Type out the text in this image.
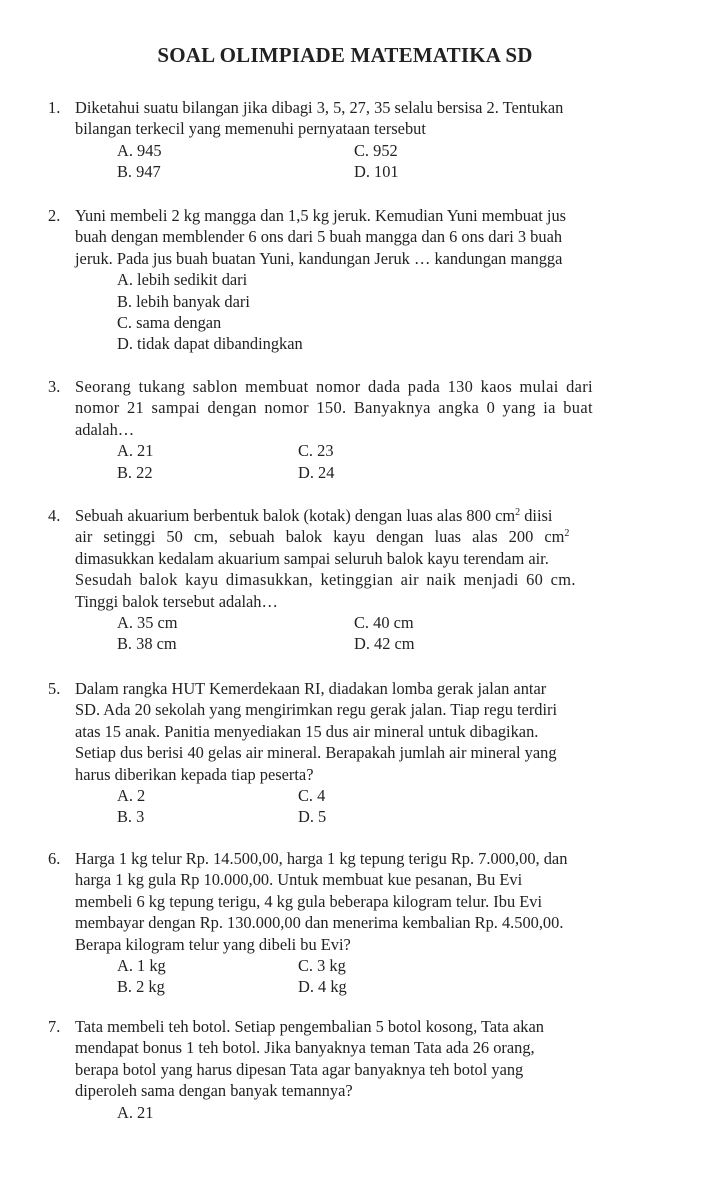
SOAL OLIMPIADE MATEMATIKA SD
1. Diketahui suatu bilangan jika dibagi 3, 5, 27, 35 selalu bersisa 2. Tentukan
bilangan terkecil yang memenuhi pernyataan tersebut
A. 945	C. 952
B. 947	D. 101
2. Yuni membeli 2 kg mangga dan 1,5 kg jeruk. Kemudian Yuni membuat jus
buah dengan memblender 6 ons dari 5 buah mangga dan 6 ons dari 3 buah
jeruk. Pada jus buah buatan Yuni, kandungan Jeruk … kandungan mangga
A. lebih sedikit dari
B. lebih banyak dari
C. sama dengan
D. tidak dapat dibandingkan
3. Seorang tukang sablon membuat nomor dada pada 130 kaos mulai dari
nomor 21 sampai dengan nomor 150. Banyaknya angka 0 yang ia buat
adalah…
A. 21	C. 23
B. 22	D. 24
4. Sebuah akuarium berbentuk balok (kotak) dengan luas alas 800 $cm^2$ diisi
air setinggi 50 cm, sebuah balok kayu dengan luas alas 200 $cm^2$
dimasukkan kedalam akuarium sampai seluruh balok kayu terendam air.
Sesudah balok kayu dimasukkan, ketinggian air naik menjadi 60 cm.
Tinggi balok tersebut adalah…
A. 35 cm	C. 40 cm
B. 38 cm	D. 42 cm
5. Dalam rangka HUT Kemerdekaan RI, diadakan lomba gerak jalan antar
SD. Ada 20 sekolah yang mengirimkan regu gerak jalan. Tiap regu terdiri
atas 15 anak. Panitia menyediakan 15 dus air mineral untuk dibagikan.
Setiap dus berisi 40 gelas air mineral. Berapakah jumlah air mineral yang
harus diberikan kepada tiap peserta?
A. 2	C. 4
B. 3	D. 5
6. Harga 1 kg telur Rp. 14.500,00, harga 1 kg tepung terigu Rp. 7.000,00, dan
harga 1 kg gula Rp 10.000,00. Untuk membuat kue pesanan, Bu Evi
membeli 6 kg tepung terigu, 4 kg gula beberapa kilogram telur. Ibu Evi
membayar dengan Rp. 130.000,00 dan menerima kembalian Rp. 4.500,00.
Berapa kilogram telur yang dibeli bu Evi?
A. 1 kg	C. 3 kg
B. 2 kg	D. 4 kg
7. Tata membeli teh botol. Setiap pengembalian 5 botol kosong, Tata akan
mendapat bonus 1 teh botol. Jika banyaknya teman Tata ada 26 orang,
berapa botol yang harus dipesan Tata agar banyaknya teh botol yang
diperoleh sama dengan banyak temannya?
A. 21
